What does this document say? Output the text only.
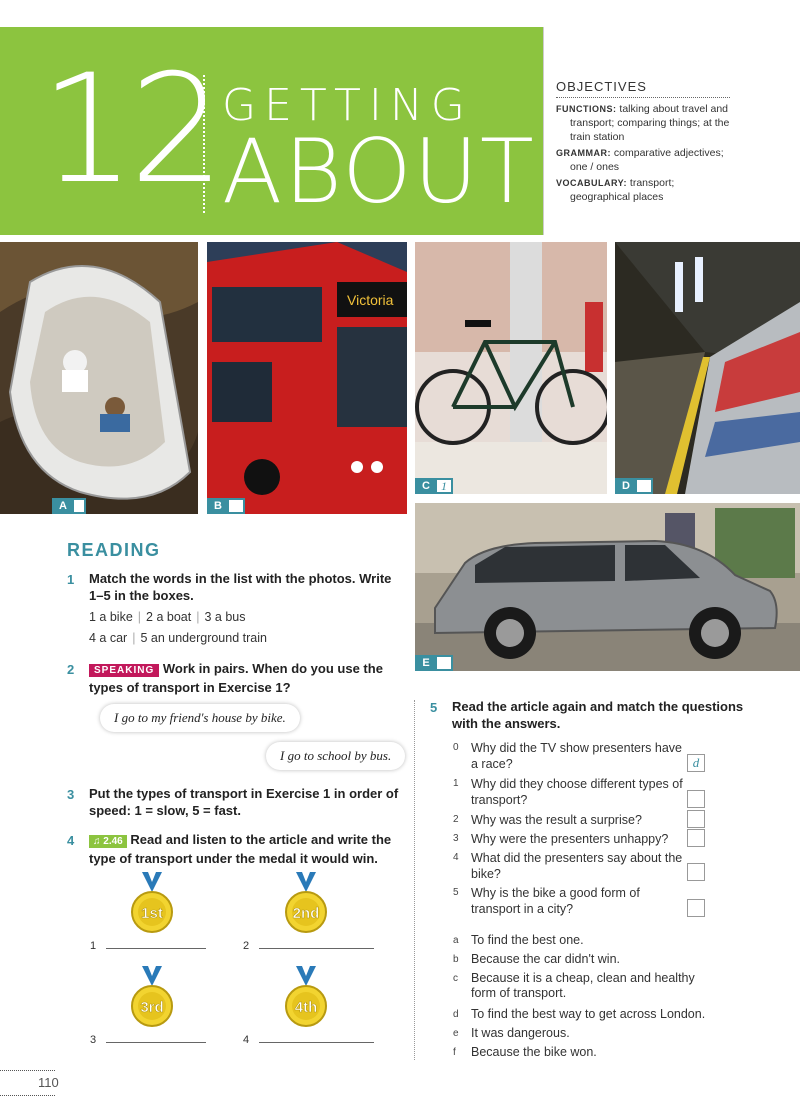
12 GETTING
ABOUT
OBJECTIVES
FUNCTIONS: talking about travel and transport; comparing things; at the train station
GRAMMAR: comparative adjectives; one / ones
VOCABULARY: transport; geographical places
A
Victoria
B
C 1	D
E
READING
1 Match the words in the list with the photos. Write
1–5 in the boxes.
1 a bike | 2 a boat | 3 a bus
4 a car | 5 an underground train
2	SPEAKING Work in pairs. When do you use the
types of transport in Exercise 1?
I go to my friend's house by bike.
I go to school by bus.
3 Put the types of transport in Exercise 1 in order of
speed: 1 = slow, 5 = fast.
4	♫ 2.46 Read and listen to the article and write the
type of transport under the medal it would win.
1st	2nd
1	2
3rd	4th
3	4
5 Read the article again and match the questions
with the answers.
0 Why did the TV show presenters have a race?	d
1 Why did they choose different types of transport?
2 Why was the result a surprise?
3 Why were the presenters unhappy?
4 What did the presenters say about the bike?
5 Why is the bike a good form of transport in a city?
a To find the best one.
b Because the car didn't win.
c Because it is a cheap, clean and healthy form of transport.
d To find the best way to get across London.
e It was dangerous.
f Because the bike won.
110
